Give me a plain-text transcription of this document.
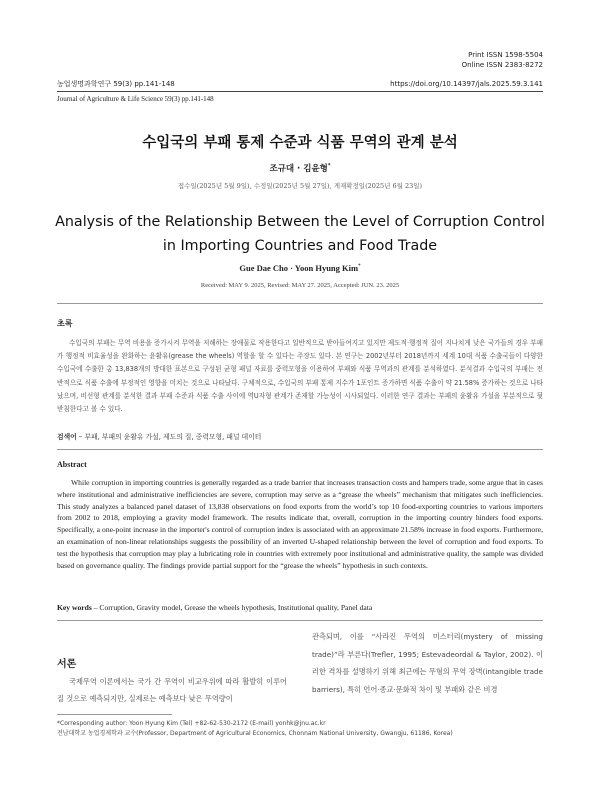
Print ISSN 1598-5504
Online ISSN 2383-8272
농업생명과학연구 59(3) pp.141-148	https://doi.org/10.14397/jals.2025.59.3.141
Journal of Agriculture & Life Science 59(3) pp.141-148
수입국의 부패 통제 수준과 식품 무역의 관계 분석
조규대 · 김윤형*
접수일(2025년 5월 9일), 수정일(2025년 5월 27일), 게재확정일(2025년 6월 23일)
Analysis of the Relationship Between the Level of Corruption Control
in Importing Countries and Food Trade
Gue Dae Cho · Yoon Hyung Kim*
Received: MAY 9. 2025, Revised: MAY 27. 2025, Accepted: JUN. 23. 2025
초록
수입국의 부패는 무역 비용을 증가시켜 무역을 저해하는 장애물로 작용한다고 일반적으로 받아들여지고 있지만 제도적·행정적 질이 지나치게 낮은 국가들의 경우 부패가 행정적 비효율성을 완화하는 윤활유(grease the wheels) 역할을 할 수 있다는 주장도 있다. 본 연구는 2002년부터 2018년까지 세계 10대 식품 수출국들이 다양한 수입국에 수출한 총 13,838개의 방대한 표본으로 구성된 균형 패널 자료를 중력모형을 이용하여 부패와 식품 무역과의 관계를 분석하였다. 분석결과 수입국의 부패는 전반적으로 식품 수출에 부정적인 영향을 미치는 것으로 나타났다. 구체적으로, 수입국의 부패 통제 지수가 1포인트 증가하면 식품 수출이 약 21.58% 증가하는 것으로 나타났으며, 비선형 관계를 분석한 결과 부패 수준과 식품 수출 사이에 역U자형 관계가 존재할 가능성이 시사되었다. 이러한 연구 결과는 부패의 윤활유 가설을 부분적으로 뒷받침한다고 볼 수 있다.
검색어 – 부패, 부패의 윤활유 가설, 제도의 질, 중력모형, 패널 데이터
Abstract
While corruption in importing countries is generally regarded as a trade barrier that increases transaction costs and hampers trade, some argue that in cases where institutional and administrative inefficiencies are severe, corruption may serve as a “grease the wheels” mechanism that mitigates such inefficiencies. This study analyzes a balanced panel dataset of 13,838 observations on food exports from the world’s top 10 food-exporting countries to various importers from 2002 to 2018, employing a gravity model framework. The results indicate that, overall, corruption in the importing country hinders food exports. Specifically, a one-point increase in the importer's control of corruption index is associated with an approximate 21.58% increase in food exports. Furthermore, an examination of non-linear relationships suggests the possibility of an inverted U-shaped relationship between the level of corruption and food exports. To test the hypothesis that corruption may play a lubricating role in countries with extremely poor institutional and administrative quality, the sample was divided based on governance quality. The findings provide partial support for the “grease the wheels” hypothesis in such contexts.
Key words – Corruption, Gravity model, Grease the wheels hypothesis, Institutional quality, Panel data
서론
국제무역 이론에서는 국가 간 무역이 비교우위에 따라 활발히 이루어질 것으로 예측되지만, 실제로는 예측보다 낮은 무역량이
관측되며, 이를 “사라진 무역의 미스터리(mystery of missing trade)”라 부른다(Trefler, 1995; Estevadeordal & Taylor, 2002). 이러한 격차를 설명하기 위해 최근에는 무형의 무역 장벽(intangible trade barriers), 특히 언어·종교·문화적 차이 및 부패와 같은 비경
*Corresponding author: Yoon Hyung Kim (Tel) +82-62-530-2172 (E-mail) yonhk@jnu.ac.kr
전남대학교 농업경제학과 교수(Professor, Department of Agricultural Economics, Chonnam National University, Gwangju, 61186, Korea)
